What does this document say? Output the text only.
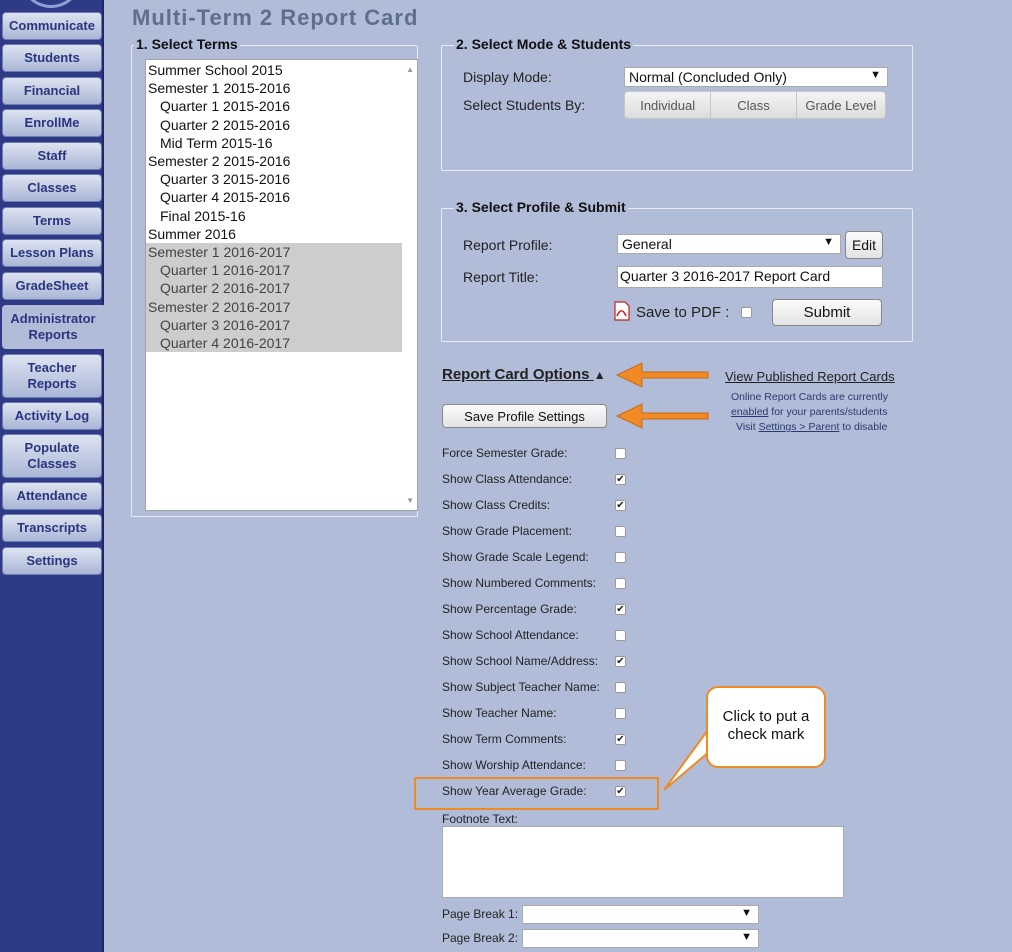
Communicate
Students
Financial
EnrollMe
Staff
Classes
Terms
Lesson Plans
GradeSheet
Administrator Reports
Teacher Reports
Activity Log
Populate Classes
Attendance
Transcripts
Settings
Multi-Term 2 Report Card
1. Select Terms
▲
▼
Summer School 2015
Semester 1 2015-2016
Quarter 1 2015-2016
Quarter 2 2015-2016
Mid Term 2015-16
Semester 2 2015-2016
Quarter 3 2015-2016
Quarter 4 2015-2016
Final 2015-16
Summer 2016
Semester 1 2016-2017
Quarter 1 2016-2017
Quarter 2 2016-2017
Semester 2 2016-2017
Quarter 3 2016-2017
Quarter 4 2016-2017
2. Select Mode & Students
Display Mode:	Normal (Concluded Only)	▼
Select Students By:	Individual	Class	Grade Level
3. Select Profile & Submit
Report Profile:	General	▼	Edit
Report Title:	Quarter 3 2016-2017 Report Card
Save to PDF :	Submit
Report Card Options ▲
Save Profile Settings
View Published Report Cards
Online Report Cards are currently
enabled for your parents/students
Visit Settings > Parent to disable
Force Semester Grade:
Show Class Attendance:	✔
Show Class Credits:	✔
Show Grade Placement:
Show Grade Scale Legend:
Show Numbered Comments:
Show Percentage Grade:	✔
Show School Attendance:
Show School Name/Address: ✔
Show Subject Teacher Name:
Show Teacher Name:
Show Term Comments:	✔
Show Worship Attendance:
Show Year Average Grade:	✔
Click to put a check mark
Footnote Text:
Page Break 1:	▼
Page Break 2:	▼
